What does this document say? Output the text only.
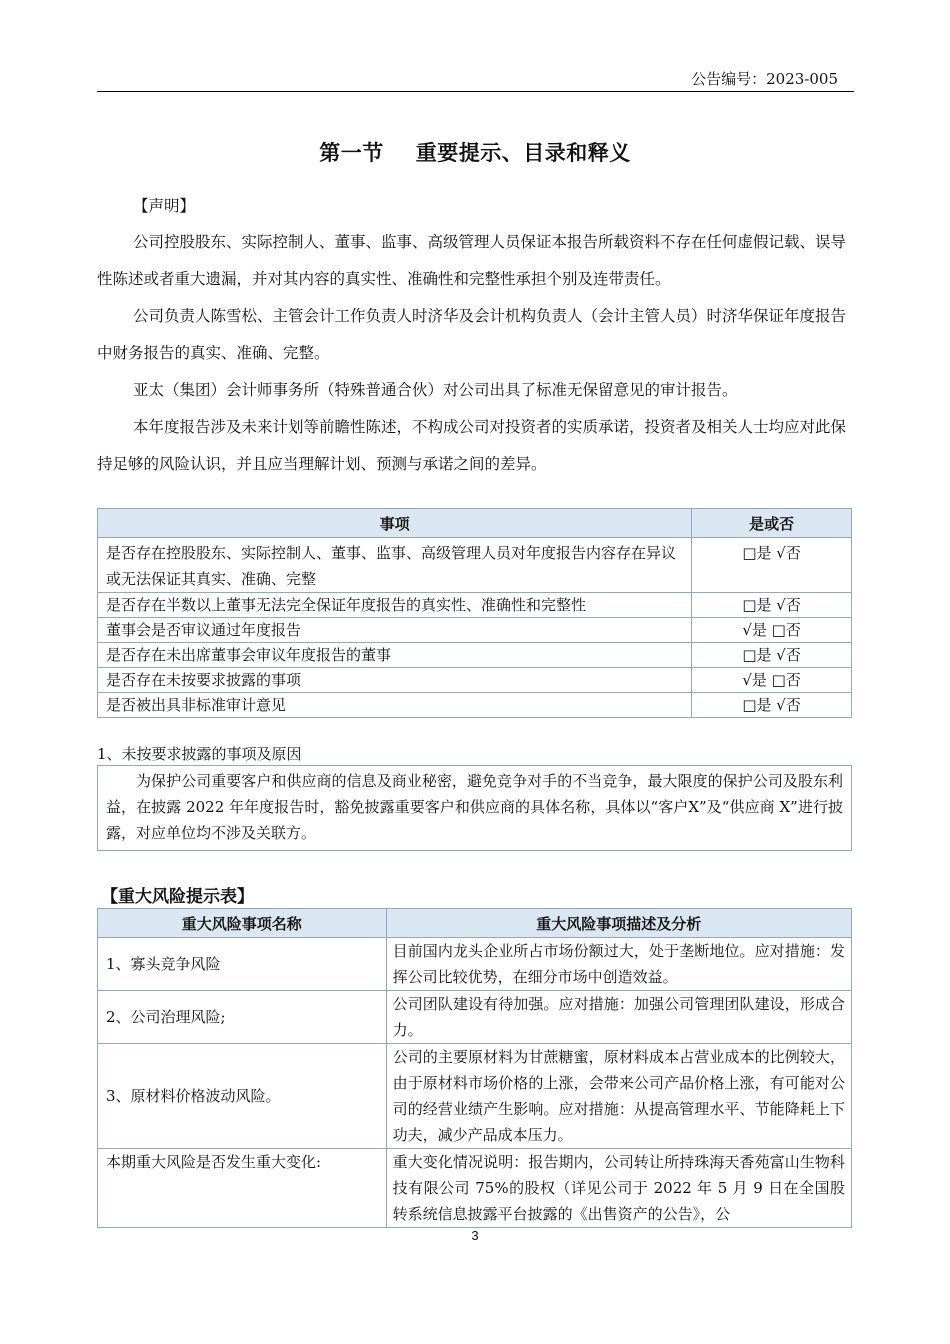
公告编号：2023-005
第一节 重要提示、目录和释义
【声明】
公司控股股东、实际控制人、董事、监事、高级管理人员保证本报告所载资料不存在任何虚假记载、误导性陈述或者重大遗漏，并对其内容的真实性、准确性和完整性承担个别及连带责任。
公司负责人陈雪松、主管会计工作负责人时济华及会计机构负责人（会计主管人员）时济华保证年度报告中财务报告的真实、准确、完整。
亚太（集团）会计师事务所（特殊普通合伙）对公司出具了标准无保留意见的审计报告。
本年度报告涉及未来计划等前瞻性陈述，不构成公司对投资者的实质承诺，投资者及相关人士均应对此保持足够的风险认识，并且应当理解计划、预测与承诺之间的差异。
事项	是或否
是否存在控股股东、实际控制人、董事、监事、高级管理人员对年度报告内容存在异议或无法保证其真实、准确、完整	□是 √否
是否存在半数以上董事无法完全保证年度报告的真实性、准确性和完整性	□是 √否
董事会是否审议通过年度报告	√是 □否
是否存在未出席董事会审议年度报告的董事	□是 √否
是否存在未按要求披露的事项	√是 □否
是否被出具非标准审计意见	□是 √否
1、未按要求披露的事项及原因
为保护公司重要客户和供应商的信息及商业秘密，避免竞争对手的不当竞争，最大限度的保护公司及股东利益，在披露 2022 年年度报告时，豁免披露重要客户和供应商的具体名称，具体以“客户X”及“供应商 X”进行披露，对应单位均不涉及关联方。
【重大风险提示表】
重大风险事项名称	重大风险事项描述及分析
1、寡头竞争风险	目前国内龙头企业所占市场份额过大，处于垄断地位。应对措施：发挥公司比较优势，在细分市场中创造效益。
2、公司治理风险;	公司团队建设有待加强。应对措施：加强公司管理团队建设，形成合力。
3、原材料价格波动风险。	公司的主要原材料为甘蔗糖蜜，原材料成本占营业成本的比例较大，由于原材料市场价格的上涨，会带来公司产品价格上涨，有可能对公司的经营业绩产生影响。应对措施：从提高管理水平、节能降耗上下功夫，减少产品成本压力。
本期重大风险是否发生重大变化:	重大变化情况说明：报告期内，公司转让所持珠海天香苑富山生物科技有限公司 75%的股权（详见公司于 2022 年 5 月 9 日在全国股转系统信息披露平台披露的《出售资产的公告》，公
3
